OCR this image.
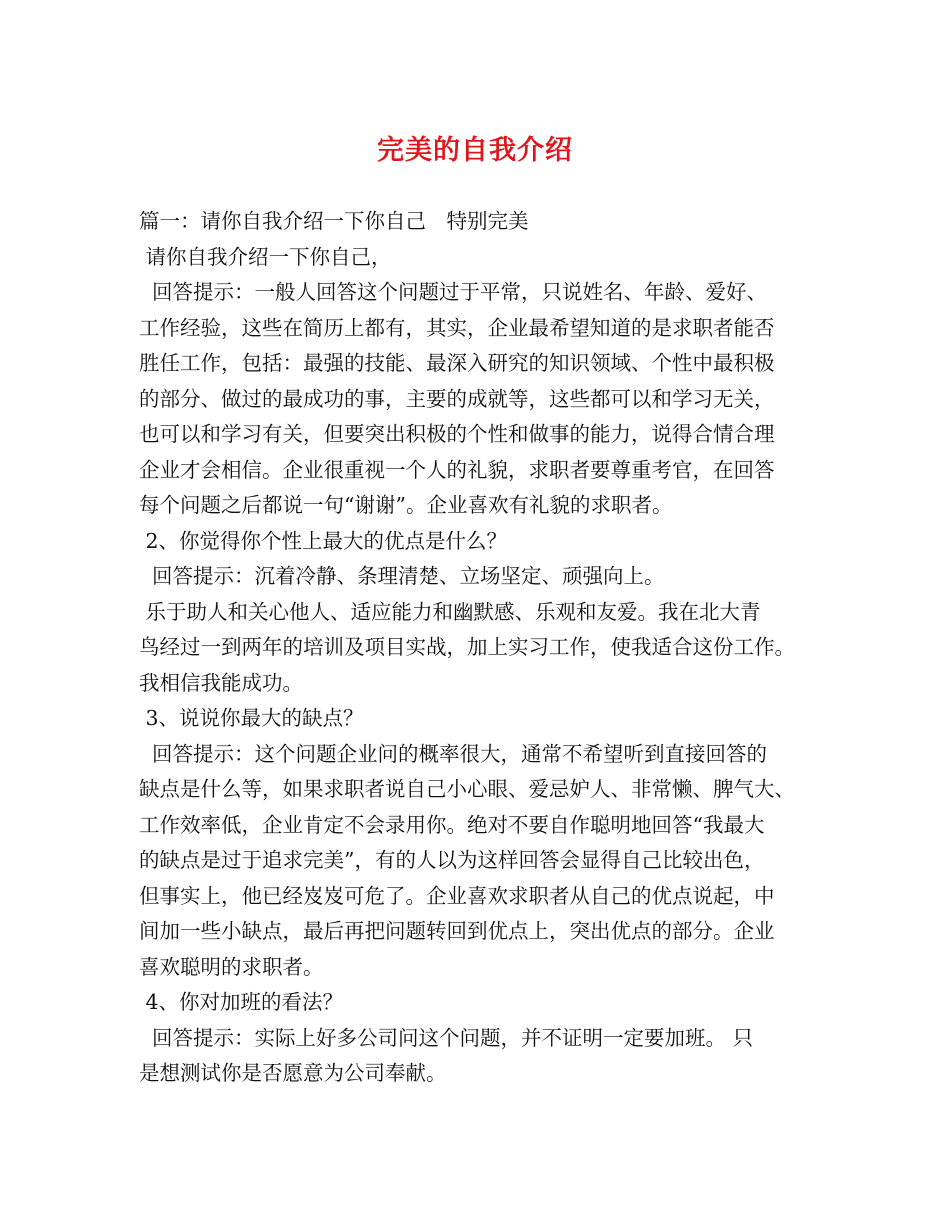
完美的自我介绍
篇一：请你自我介绍一下你自己　特别完美
请你自我介绍一下你自己，
回答提示：一般人回答这个问题过于平常，只说姓名、年龄、爱好、
工作经验，这些在简历上都有，其实，企业最希望知道的是求职者能否
胜任工作，包括：最强的技能、最深入研究的知识领域、个性中最积极
的部分、做过的最成功的事，主要的成就等，这些都可以和学习无关，
也可以和学习有关，但要突出积极的个性和做事的能力，说得合情合理
企业才会相信。企业很重视一个人的礼貌，求职者要尊重考官，在回答
每个问题之后都说一句“谢谢”。企业喜欢有礼貌的求职者。
2、你觉得你个性上最大的优点是什么？
回答提示：沉着冷静、条理清楚、立场坚定、顽强向上。
乐于助人和关心他人、适应能力和幽默感、乐观和友爱。我在北大青
鸟经过一到两年的培训及项目实战，加上实习工作，使我适合这份工作。
我相信我能成功。
3、说说你最大的缺点？
回答提示：这个问题企业问的概率很大，通常不希望听到直接回答的
缺点是什么等，如果求职者说自己小心眼、爱忌妒人、非常懒、脾气大、
工作效率低，企业肯定不会录用你。绝对不要自作聪明地回答“我最大
的缺点是过于追求完美”，有的人以为这样回答会显得自己比较出色，
但事实上，他已经岌岌可危了。企业喜欢求职者从自己的优点说起，中
间加一些小缺点，最后再把问题转回到优点上，突出优点的部分。企业
喜欢聪明的求职者。
4、你对加班的看法？
回答提示：实际上好多公司问这个问题，并不证明一定要加班。 只
是想测试你是否愿意为公司奉献。
